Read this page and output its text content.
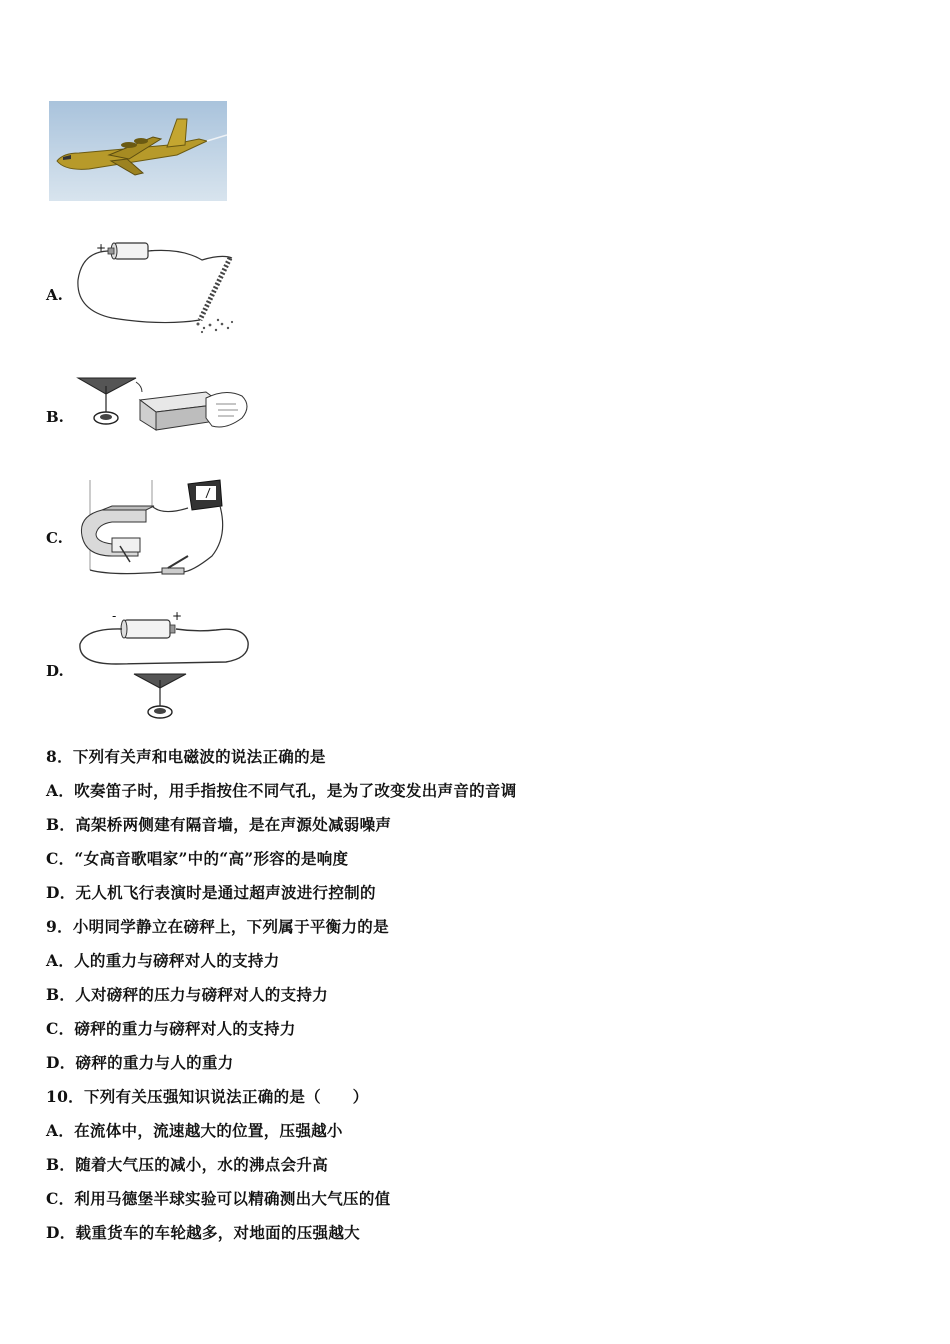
A.
+	-
B.
C.
D.
-	+
8．下列有关声和电磁波的说法正确的是
A．吹奏笛子时，用手指按住不同气孔，是为了改变发出声音的音调
B．高架桥两侧建有隔音墙，是在声源处减弱噪声
C．“女高音歌唱家”中的“高”形容的是响度
D．无人机飞行表演时是通过超声波进行控制的
9．小明同学静立在磅秤上，下列属于平衡力的是
A．人的重力与磅秤对人的支持力
B．人对磅秤的压力与磅秤对人的支持力
C．磅秤的重力与磅秤对人的支持力
D．磅秤的重力与人的重力
10．下列有关压强知识说法正确的是（　　）
A．在流体中，流速越大的位置，压强越小
B．随着大气压的减小，水的沸点会升高
C．利用马德堡半球实验可以精确测出大气压的值
D．载重货车的车轮越多，对地面的压强越大
